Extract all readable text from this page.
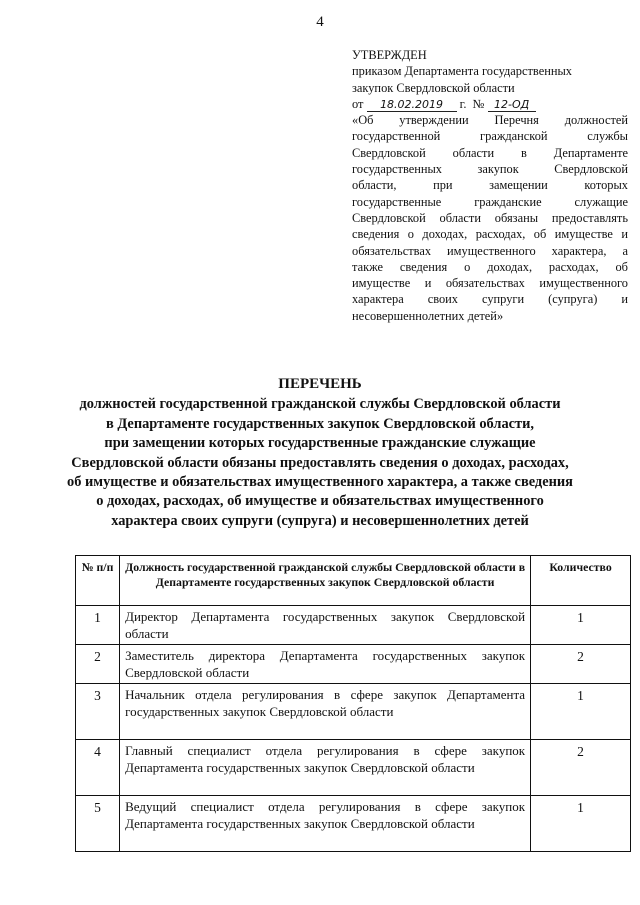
4
УТВЕРЖДЕН
приказом Департамента государственных
закупок Свердловской области
от 18.02.2019 г. № 12-ОД
«Об утверждении Перечня должностей
государственной гражданской службы
Свердловской области в Департаменте
государственных закупок Свердловской
области, при замещении которых
государственные гражданские служащие
Свердловской области обязаны предоставлять
сведения о доходах, расходах, об имуществе и
обязательствах имущественного характера, а
также сведения о доходах, расходах, об
имуществе и обязательствах имущественного
характера своих супруги (супруга) и
несовершеннолетних детей»
ПЕРЕЧЕНЬ
должностей государственной гражданской службы Свердловской области
в Департаменте государственных закупок Свердловской области,
при замещении которых государственные гражданские служащие
Свердловской области обязаны предоставлять сведения о доходах, расходах,
об имуществе и обязательствах имущественного характера, а также сведения
о доходах, расходах, об имуществе и обязательствах имущественного
характера своих супруги (супруга) и несовершеннолетних детей
№ п/п	Должность государственной гражданской службы Свердловской области в Департаменте государственных закупок Свердловской области	Количество
1	Директор Департамента государственных закупок Свердловской области	1
2	Заместитель директора Департамента государственных закупок Свердловской области	2
3	Начальник отдела регулирования в сфере закупок Департамента государственных закупок Свердловской области	1
4	Главный специалист отдела регулирования в сфере закупок Департамента государственных закупок Свердловской области	2
5	Ведущий специалист отдела регулирования в сфере закупок Департамента государственных закупок Свердловской области	1
